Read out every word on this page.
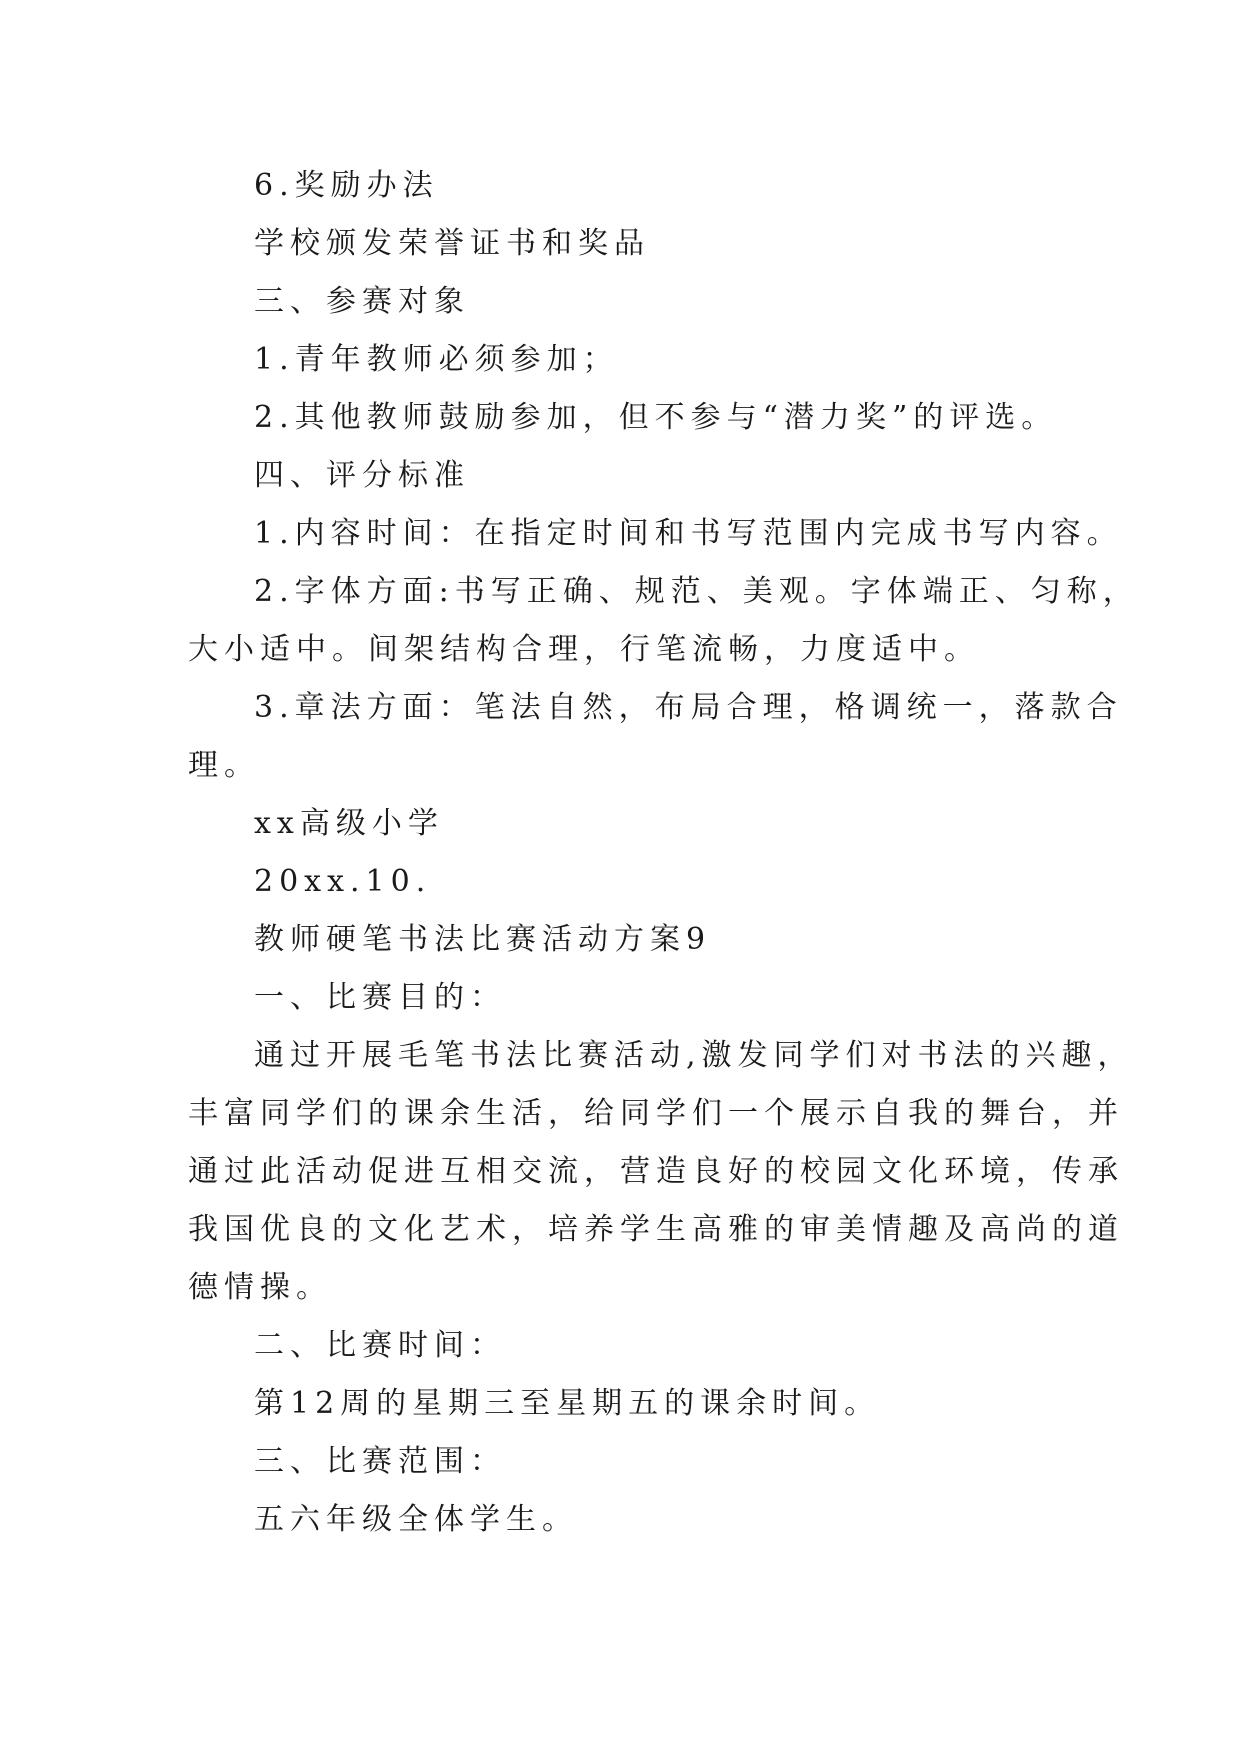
6.奖励办法

学校颁发荣誉证书和奖品

三、参赛对象

1.青年教师必须参加；

2.其他教师鼓励参加，但不参与“潜力奖”的评选。

四、评分标准

1.内容时间：在指定时间和书写范围内完成书写内容。

2.字体方面:书写正确、规范、美观。字体端正、匀称，

大小适中。间架结构合理，行笔流畅，力度适中。

3.章法方面：笔法自然，布局合理，格调统一，落款合

理。

xx高级小学

20xx.10.

教师硬笔书法比赛活动方案9

一、比赛目的：

通过开展毛笔书法比赛活动,激发同学们对书法的兴趣，

丰富同学们的课余生活，给同学们一个展示自我的舞台，并

通过此活动促进互相交流，营造良好的校园文化环境，传承

我国优良的文化艺术，培养学生高雅的审美情趣及高尚的道

德情操。

二、比赛时间：

第12周的星期三至星期五的课余时间。

三、比赛范围：

五六年级全体学生。
